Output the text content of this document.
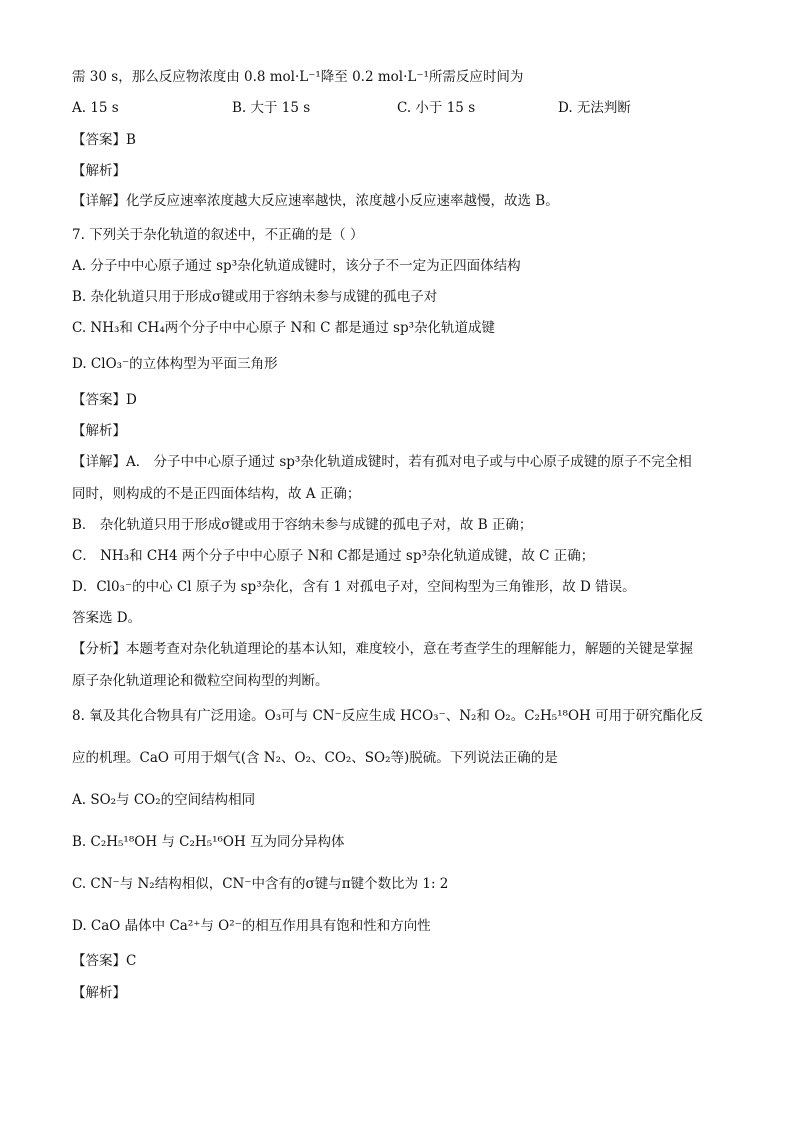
需 30 s，那么反应物浓度由 0.8 mol·L⁻¹降至 0.2 mol·L⁻¹所需反应时间为
A. 15 s	B. 大于 15 s	C. 小于 15 s	D. 无法判断
【答案】B
【解析】
【详解】化学反应速率浓度越大反应速率越快，浓度越小反应速率越慢，故选 B。
7. 下列关于杂化轨道的叙述中，不正确的是（ ）
A. 分子中中心原子通过 sp³杂化轨道成键时，该分子不一定为正四面体结构
B. 杂化轨道只用于形成σ键或用于容纳未参与成键的孤电子对
C. NH₃和 CH₄两个分子中中心原子 N和 C 都是通过 sp³杂化轨道成键
D. ClO₃⁻的立体构型为平面三角形
【答案】D
【解析】
【详解】A． 分子中中心原子通过 sp³杂化轨道成键时，若有孤对电子或与中心原子成键的原子不完全相
同时，则构成的不是正四面体结构，故 A 正确；
B． 杂化轨道只用于形成σ键或用于容纳未参与成键的孤电子对，故 B 正确；
C． NH₃和 CH4 两个分子中中心原子 N和 C都是通过 sp³杂化轨道成键，故 C 正确；
D．Cl0₃⁻的中心 Cl 原子为 sp³杂化，含有 1 对孤电子对，空间构型为三角锥形，故 D 错误。
答案选 D。
【分析】本题考查对杂化轨道理论的基本认知，难度较小，意在考查学生的理解能力，解题的关键是掌握
原子杂化轨道理论和微粒空间构型的判断。
8. 氧及其化合物具有广泛用途。O₃可与 CN⁻反应生成 HCO₃⁻、N₂和 O₂。C₂H₅¹⁸OH 可用于研究酯化反
应的机理。CaO 可用于烟气(含 N₂、O₂、CO₂、SO₂等)脱硫。下列说法正确的是
A. SO₂与 CO₂的空间结构相同
B. C₂H₅¹⁸OH 与 C₂H₅¹⁶OH 互为同分异构体
C. CN⁻与 N₂结构相似，CN⁻中含有的σ键与π键个数比为 1: 2
D. CaO 晶体中 Ca²⁺与 O²⁻的相互作用具有饱和性和方向性
【答案】C
【解析】
